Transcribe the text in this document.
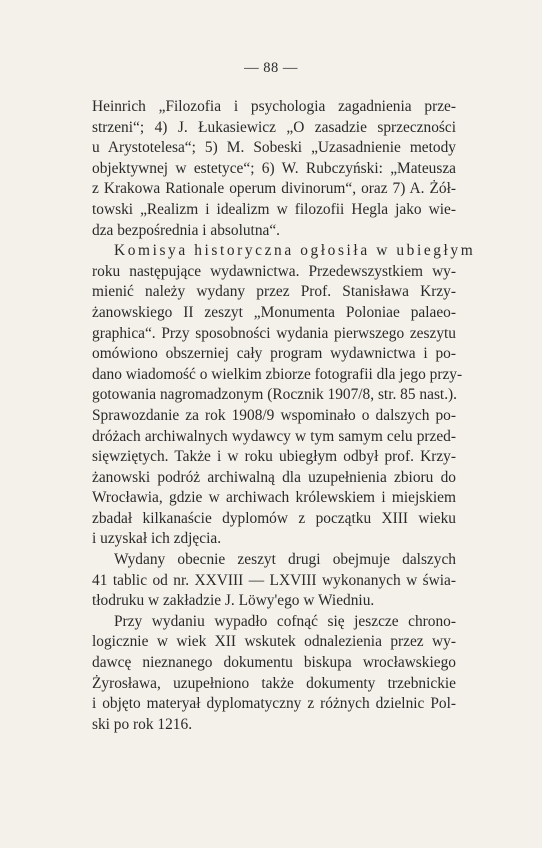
— 88 —
Heinrich „Filozofia i psychologia zagadnienia prze-
strzeni“; 4) J. Łukasiewicz „O zasadzie sprzeczności
u Arystotelesa“; 5) M. Sobeski „Uzasadnienie metody
objektywnej w estetyce“; 6) W. Rubczyński: „Mateusza
z Krakowa Rationale operum divinorum“, oraz 7) A. Żół-
towski „Realizm i idealizm w filozofii Hegla jako wie-
dza bezpośrednia i absolutna“.
Komisya historyczna ogłosiła w ubiegłym
roku następujące wydawnictwa. Przedewszystkiem wy-
mienić należy wydany przez Prof. Stanisława Krzy-
żanowskiego II zeszyt „Monumenta Poloniae palaeo-
graphica“. Przy sposobności wydania pierwszego zeszytu
omówiono obszerniej cały program wydawnictwa i po-
dano wiadomość o wielkim zbiorze fotografii dla jego przy-
gotowania nagromadzonym (Rocznik 1907/8, str. 85 nast.).
Sprawozdanie za rok 1908/9 wspominało o dalszych po-
dróżach archiwalnych wydawcy w tym samym celu przed-
sięwziętych. Także i w roku ubiegłym odbył prof. Krzy-
żanowski podróż archiwalną dla uzupełnienia zbioru do
Wrocławia, gdzie w archiwach królewskiem i miejskiem
zbadał kilkanaście dyplomów z początku XIII wieku
i uzyskał ich zdjęcia.
Wydany obecnie zeszyt drugi obejmuje dalszych
41 tablic od nr. XXVIII — LXVIII wykonanych w świa-
tłodruku w zakładzie J. Löwy'ego w Wiedniu.
Przy wydaniu wypadło cofnąć się jeszcze chrono-
logicznie w wiek XII wskutek odnalezienia przez wy-
dawcę nieznanego dokumentu biskupa wrocławskiego
Żyrosława, uzupełniono także dokumenty trzebnickie
i objęto materyał dyplomatyczny z różnych dzielnic Pol-
ski po rok 1216.
